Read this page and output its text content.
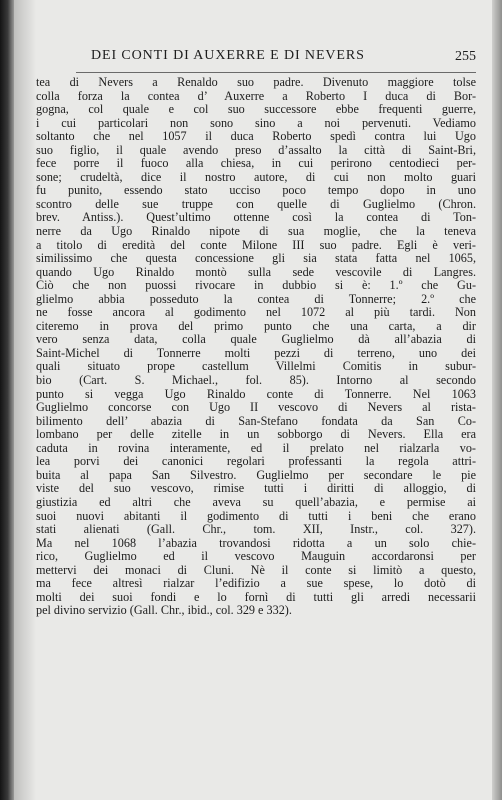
DEI CONTI DI AUXERRE E DI NEVERS	255
tea di Nevers a Renaldo suo padre. Divenuto maggiore tolse
colla forza la contea d’ Auxerre a Roberto I duca di Bor-
gogna, col quale e col suo successore ebbe frequenti guerre,
i cui particolari non sono sino a noi pervenuti. Vediamo
soltanto che nel 1057 il duca Roberto spedì contra lui Ugo
suo figlio, il quale avendo preso d’assalto la città di Saint-Bri,
fece porre il fuoco alla chiesa, in cui perirono centodieci per-
sone; crudeltà, dice il nostro autore, di cui non molto guari
fu punito, essendo stato ucciso poco tempo dopo in uno
scontro delle sue truppe con quelle di Guglielmo (Chron.
brev. Antiss.). Quest’ultimo ottenne così la contea di Ton-
nerre da Ugo Rinaldo nipote di sua moglie, che la teneva
a titolo di eredità del conte Milone III suo padre. Egli è veri-
similissimo che questa concessione gli sia stata fatta nel 1065,
quando Ugo Rinaldo montò sulla sede vescovile di Langres.
Ciò che non puossi rivocare in dubbio si è: 1.º che Gu-
glielmo abbia posseduto la contea di Tonnerre; 2.º che
ne fosse ancora al godimento nel 1072 al più tardi. Non
citeremo in prova del primo punto che una carta, a dir
vero senza data, colla quale Guglielmo dà all’abazia di
Saint-Michel di Tonnerre molti pezzi di terreno, uno dei
quali situato prope castellum Villelmi Comitis in subur-
bio (Cart. S. Michael., fol. 85). Intorno al secondo
punto si vegga Ugo Rinaldo conte di Tonnerre. Nel 1063
Guglielmo concorse con Ugo II vescovo di Nevers al rista-
bilimento dell’ abazia di San-Stefano fondata da San Co-
lombano per delle zitelle in un sobborgo di Nevers. Ella era
caduta in rovina interamente, ed il prelato nel rialzarla vo-
lea porvi dei canonici regolari professanti la regola attri-
buita al papa San Silvestro. Guglielmo per secondare le pie
viste del suo vescovo, rimise tutti i diritti di alloggio, di
giustizia ed altri che aveva su quell’abazia, e permise ai
suoi nuovi abitanti il godimento di tutti i beni che erano
stati alienati (Gall. Chr., tom. XII, Instr., col. 327).
Ma nel 1068 l’abazia trovandosi ridotta a un solo chie-
rico, Guglielmo ed il vescovo Mauguin accordaronsi per
mettervi dei monaci di Cluni. Nè il conte si limitò a questo,
ma fece altresì rialzar l’edifizio a sue spese, lo dotò di
molti dei suoi fondi e lo fornì di tutti gli arredi necessarii
pel divino servizio (Gall. Chr., ibid., col. 329 e 332).
